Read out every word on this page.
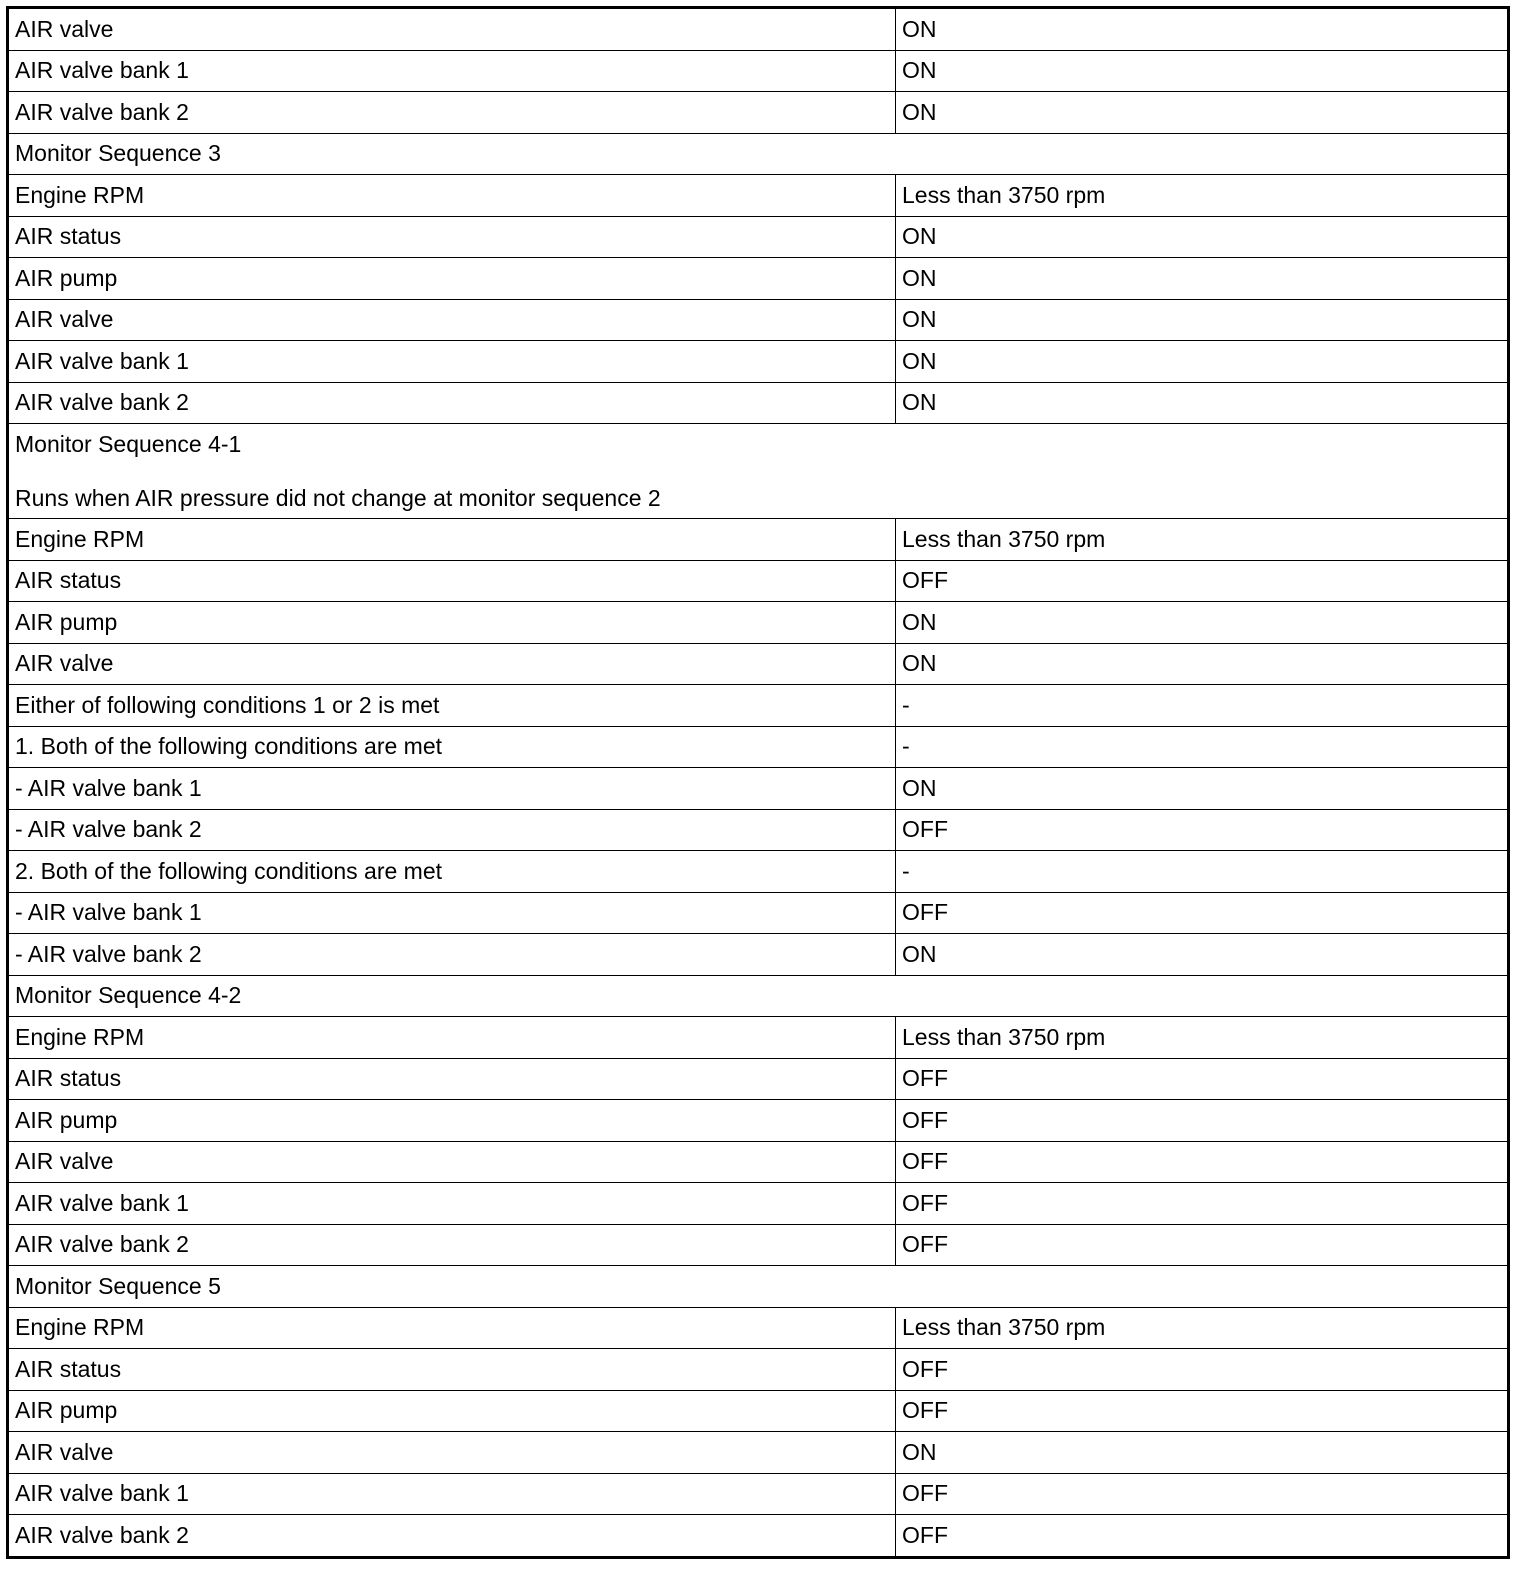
AIR valve	ON
AIR valve bank 1	ON
AIR valve bank 2	ON
Monitor Sequence 3	
Engine RPM	Less than 3750 rpm
AIR status	ON
AIR pump	ON
AIR valve	ON
AIR valve bank 1	ON
AIR valve bank 2	ON

Monitor Sequence 4-1
Runs when AIR pressure did not change at monitor sequence 2	

Engine RPM	Less than 3750 rpm
AIR status	OFF
AIR pump	ON
AIR valve	ON
Either of following conditions 1 or 2 is met	-
1. Both of the following conditions are met	-
- AIR valve bank 1	ON
- AIR valve bank 2	OFF
2. Both of the following conditions are met	-
- AIR valve bank 1	OFF
- AIR valve bank 2	ON
Monitor Sequence 4-2	
Engine RPM	Less than 3750 rpm
AIR status	OFF
AIR pump	OFF
AIR valve	OFF
AIR valve bank 1	OFF
AIR valve bank 2	OFF
Monitor Sequence 5	
Engine RPM	Less than 3750 rpm
AIR status	OFF
AIR pump	OFF
AIR valve	ON
AIR valve bank 1	OFF
AIR valve bank 2	OFF
